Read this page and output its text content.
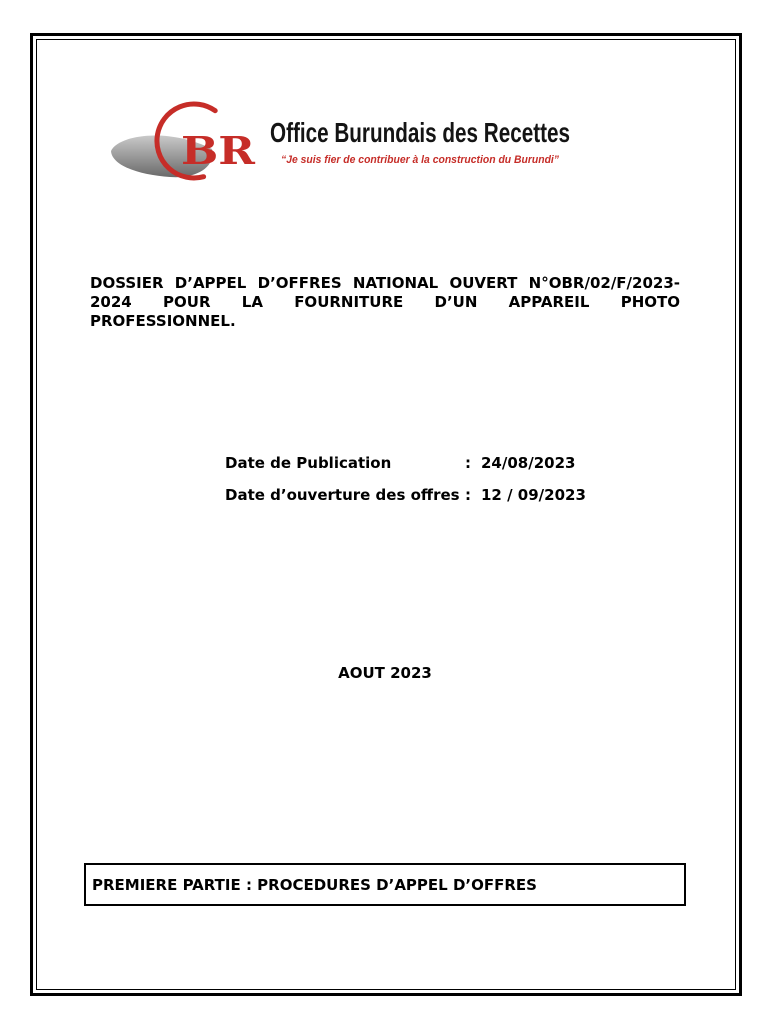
BR Office Burundais des Recettes
“Je suis fier de contribuer à la construction du Burundi”
DOSSIER D’APPEL D’OFFRES NATIONAL OUVERT N°OBR/02/F/2023-
2024 POUR LA FOURNITURE D’UN APPAREIL PHOTO
PROFESSIONNEL.
Date de Publication	: 24/08/2023
Date d’ouverture des offres : 12 / 09/2023
AOUT 2023
PREMIERE PARTIE : PROCEDURES D’APPEL D’OFFRES
